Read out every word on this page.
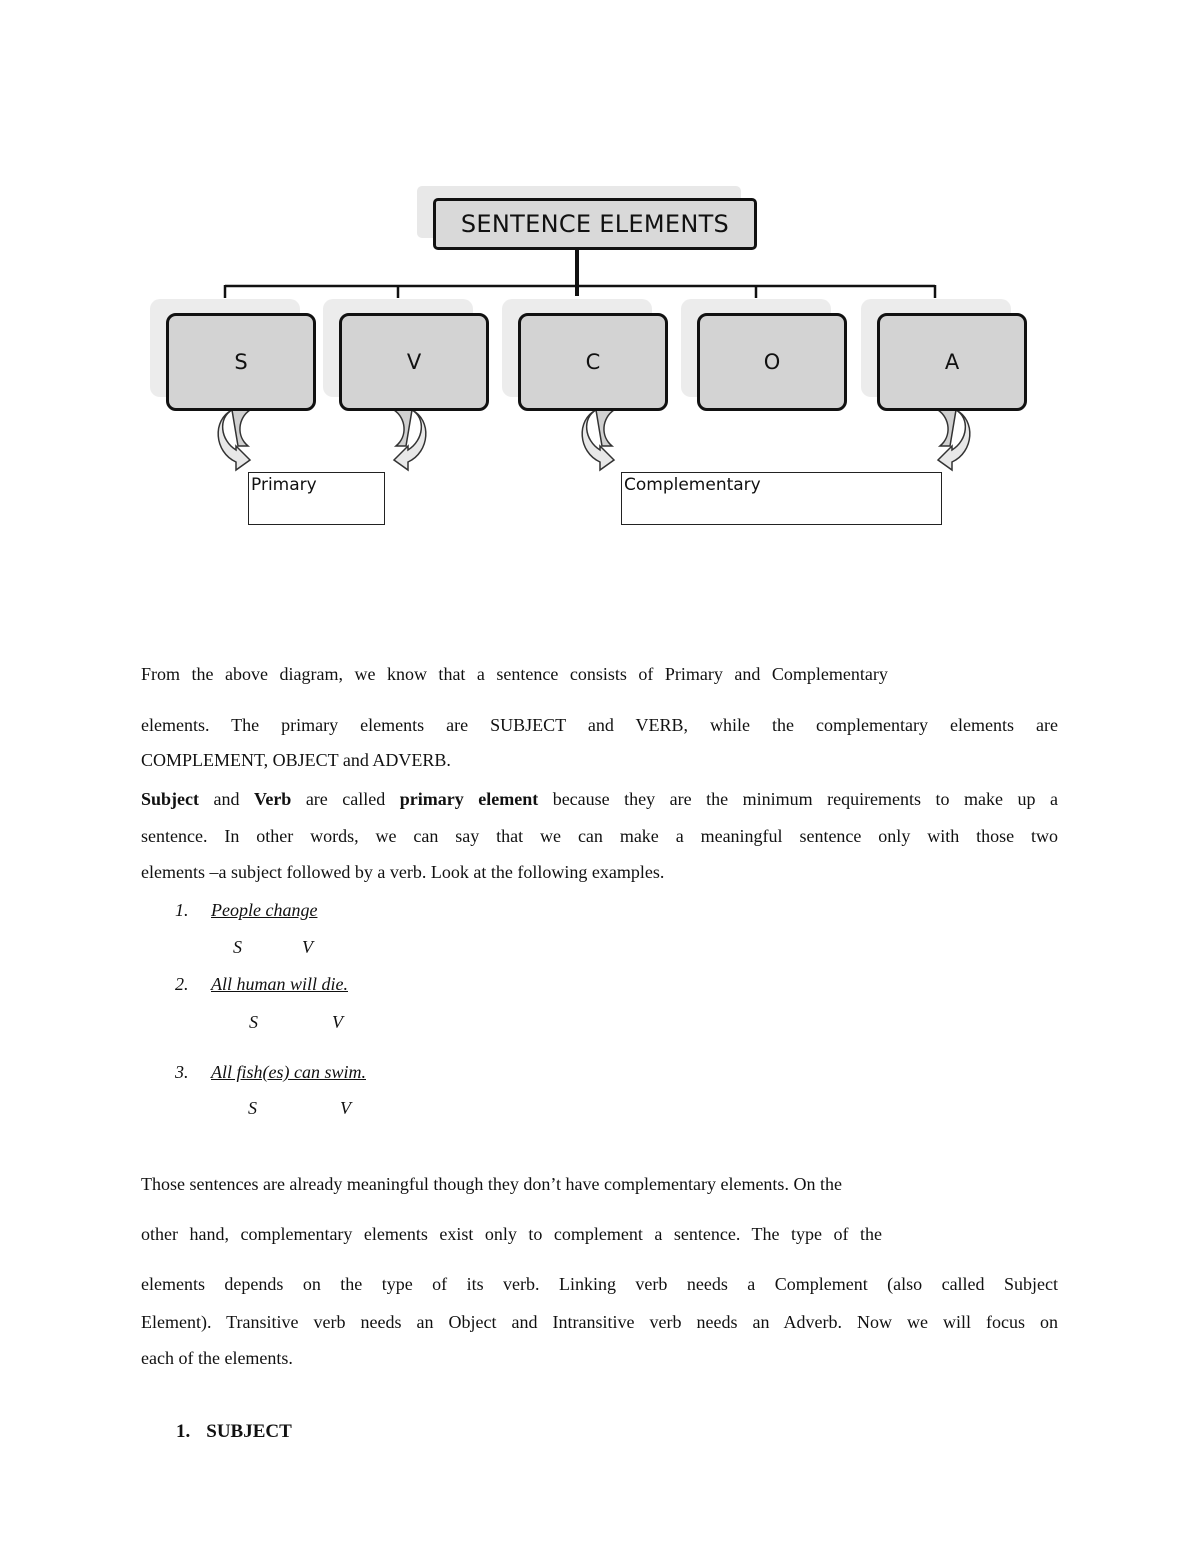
SENTENCE ELEMENTS
S	V	C	O	A
Primary	Complementary
From the above diagram, we know that a sentence consists of Primary and Complementary
elements. The primary elements are SUBJECT and VERB, while the complementary elements are
COMPLEMENT, OBJECT and ADVERB.
Subject and Verb are called primary element because they are the minimum requirements to make up a
sentence. In other words, we can say that we can make a meaningful sentence only with those two
elements –a subject followed by a verb. Look at the following examples.
1. People change
S	V
2. All human will die.
S	V
3. All fish(es) can swim.
S	V
Those sentences are already meaningful though they don’t have complementary elements. On the
other hand, complementary elements exist only to complement a sentence. The type of the
elements depends on the type of its verb. Linking verb needs a Complement (also called Subject
Element). Transitive verb needs an Object and Intransitive verb needs an Adverb. Now we will focus on
each of the elements.
1. SUBJECT
